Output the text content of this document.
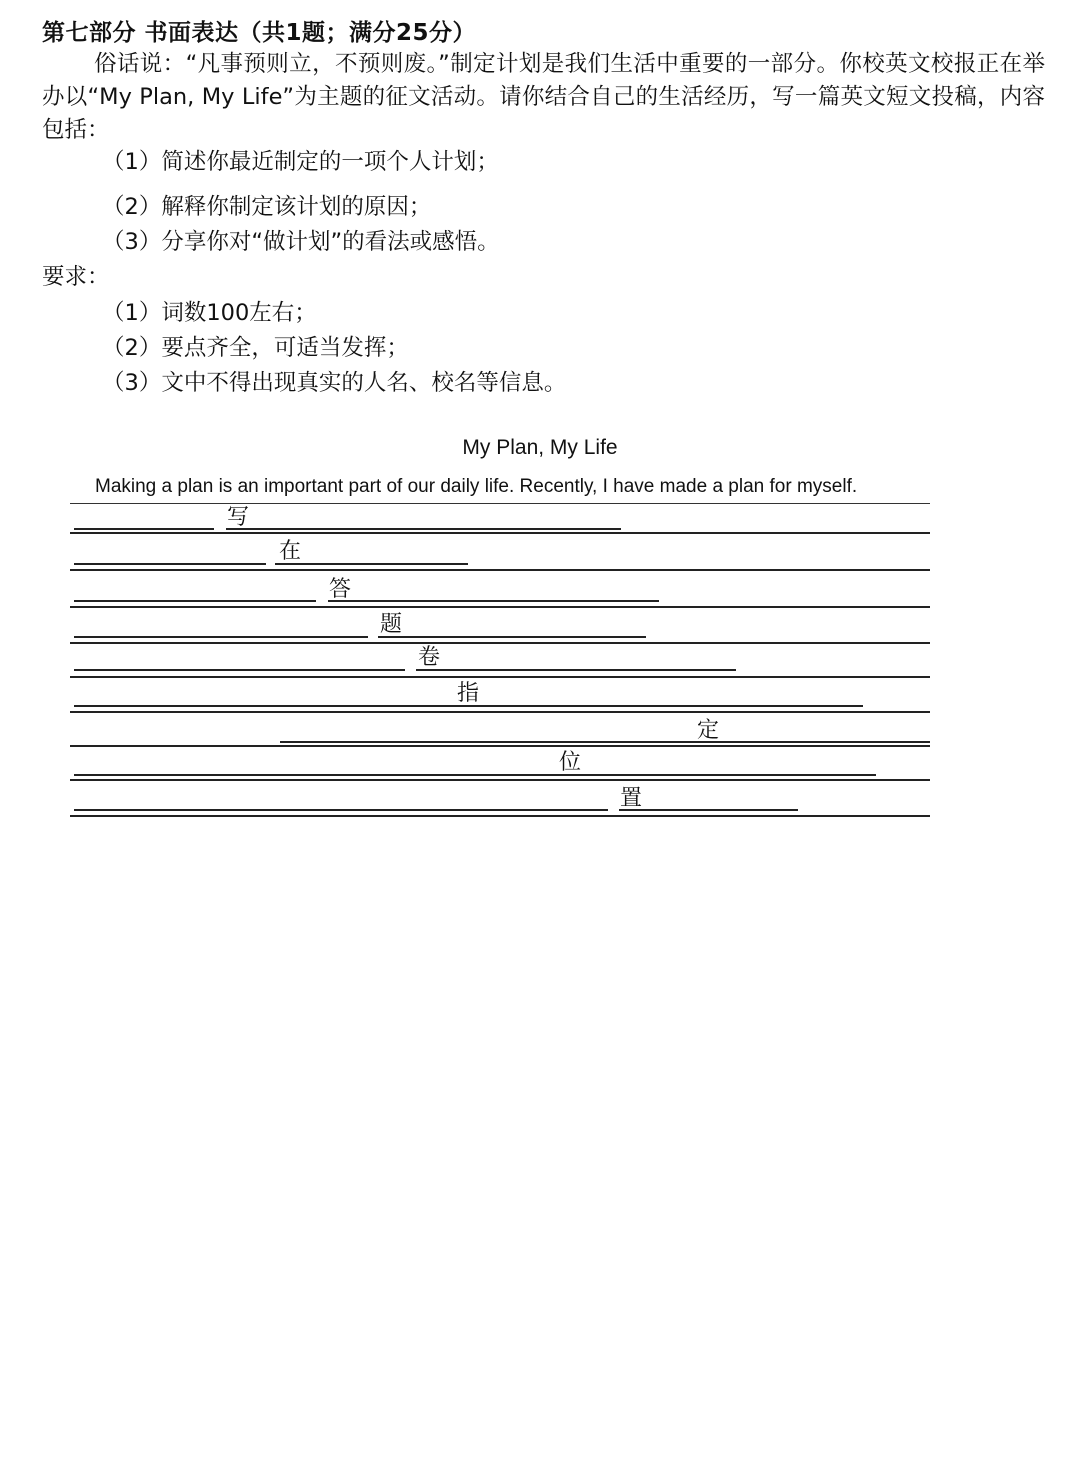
第七部分 书面表达（共1题；满分25分）

俗话说：“凡事预则立，不预则废。”制定计划是我们生活中重要的一部分。你校英文校报正在举办以“My Plan, My Life”为主题的征文活动。请你结合自己的生活经历，写一篇英文短文投稿，内容包括：

（1）简述你最近制定的一项个人计划；
（2）解释你制定该计划的原因；
（3）分享你对“做计划”的看法或感悟。
要求：
（1）词数100左右；
（2）要点齐全，可适当发挥；
（3）文中不得出现真实的人名、校名等信息。
My Plan, My Life
Making a plan is an important part of our daily life. Recently, I have made a plan for myself.
写
在
答
题
卷
指
定
位
置
